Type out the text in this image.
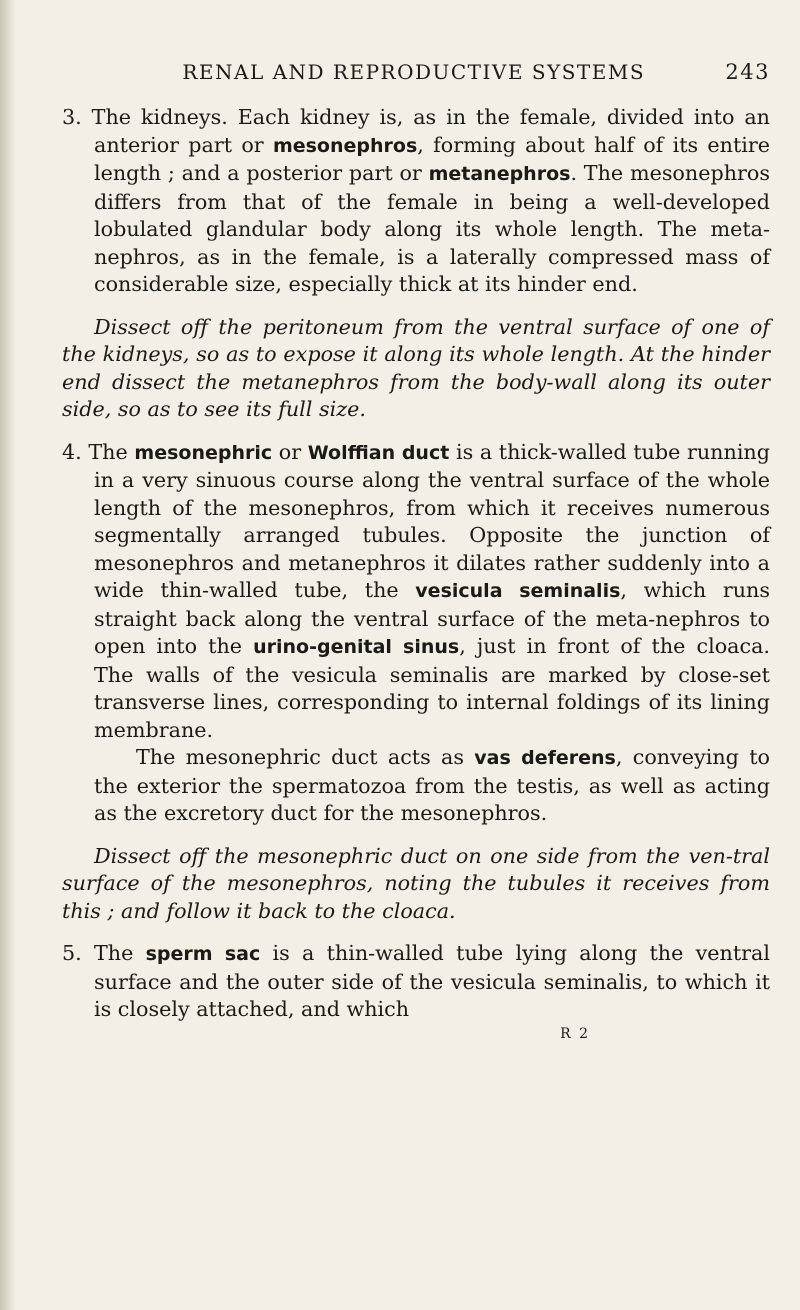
RENAL AND REPRODUCTIVE SYSTEMS	243

3. The kidneys. Each kidney is, as in the female, divided into an anterior part or mesonephros, forming about half of its entire length ; and a posterior part or metanephros. The mesonephros differs from that of the female in being a well-developed lobulated glandular body along its whole length. The meta-nephros, as in the female, is a laterally compressed mass of considerable size, especially thick at its hinder end.

Dissect off the peritoneum from the ventral surface of one of the kidneys, so as to expose it along its whole length. At the hinder end dissect the metanephros from the body-wall along its outer side, so as to see its full size.

4. The mesonephric or Wolffian duct is a thick-walled tube running in a very sinuous course along the ventral surface of the whole length of the mesonephros, from which it receives numerous segmentally arranged tubules. Opposite the junction of mesonephros and metanephros it dilates rather suddenly into a wide thin-walled tube, the vesicula seminalis, which runs straight back along the ventral surface of the meta-nephros to open into the urino-genital sinus, just in front of the cloaca. The walls of the vesicula seminalis are marked by close-set transverse lines, corresponding to internal foldings of its lining membrane.

The mesonephric duct acts as vas deferens, conveying to the exterior the spermatozoa from the testis, as well as acting as the excretory duct for the mesonephros.

Dissect off the mesonephric duct on one side from the ven-tral surface of the mesonephros, noting the tubules it receives from this ; and follow it back to the cloaca.

5. The sperm sac is a thin-walled tube lying along the ventral surface and the outer side of the vesicula seminalis, to which it is closely attached, and which

R 2
